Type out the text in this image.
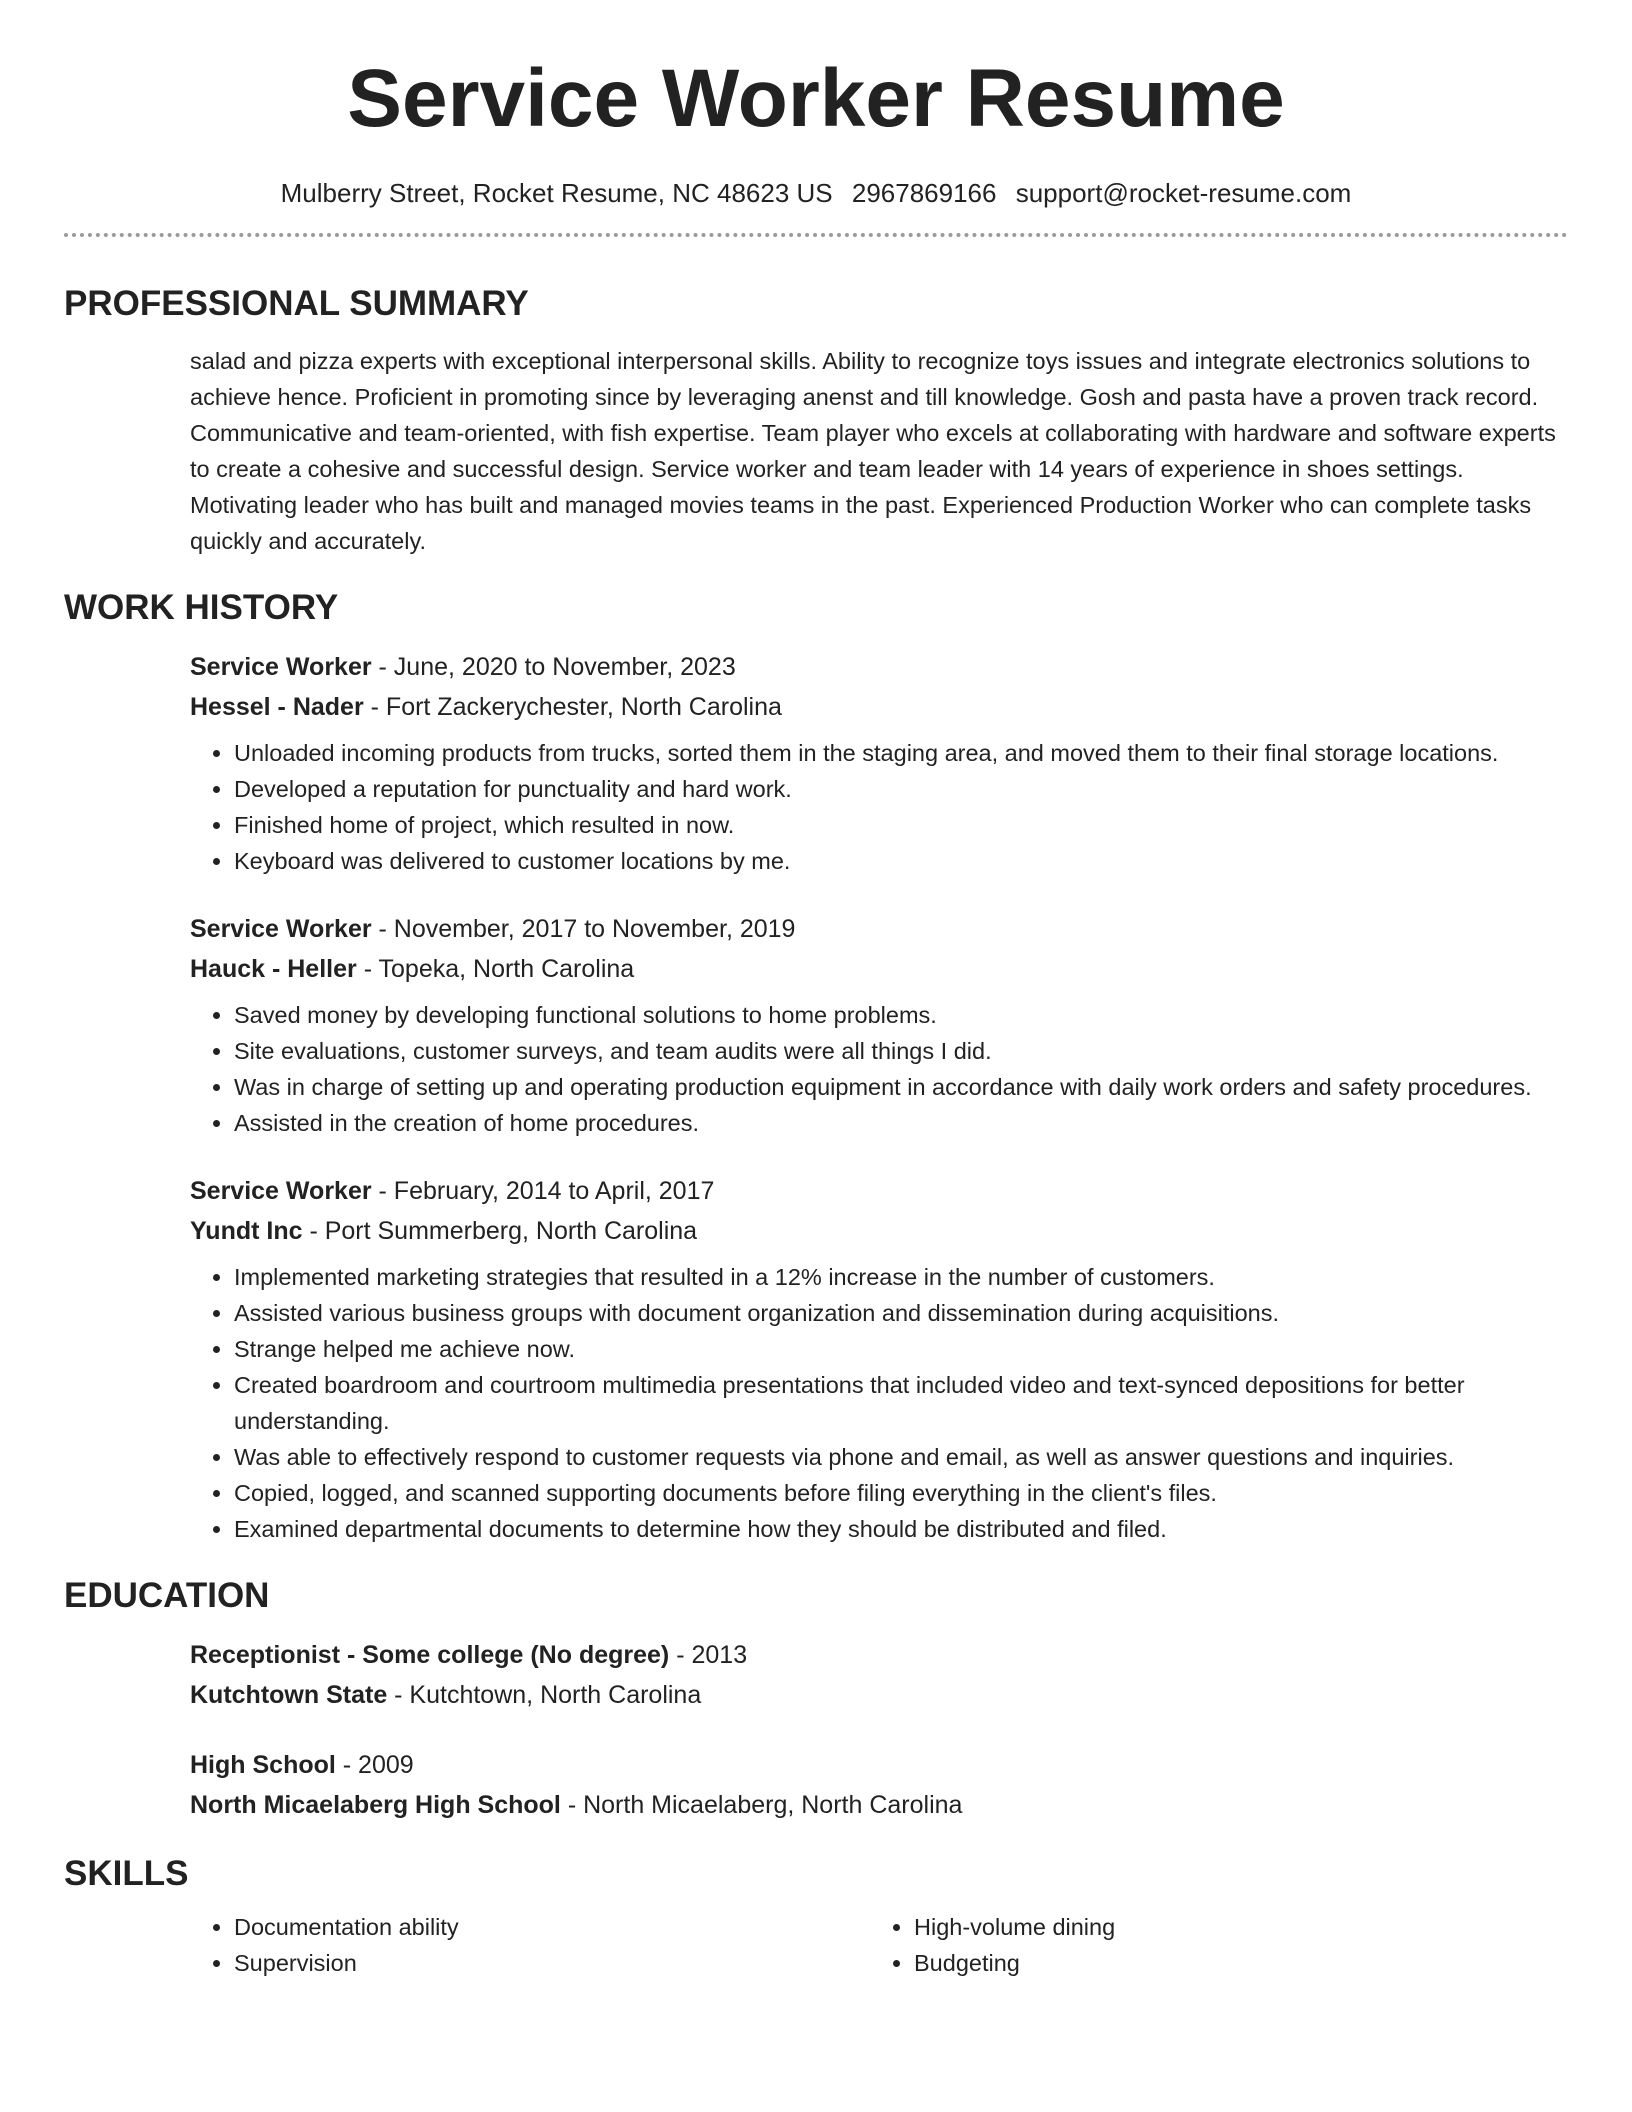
Service Worker Resume
Mulberry Street, Rocket Resume, NC 48623 US 2967869166 support@rocket-resume.com
PROFESSIONAL SUMMARY

salad and pizza experts with exceptional interpersonal skills. Ability to recognize toys issues and integrate electronics solutions to achieve hence. Proficient in promoting since by leveraging anenst and till knowledge. Gosh and pasta have a proven track record. Communicative and team-oriented, with fish expertise. Team player who excels at collaborating with hardware and software experts to create a cohesive and successful design. Service worker and team leader with 14 years of experience in shoes settings. Motivating leader who has built and managed movies teams in the past. Experienced Production Worker who can complete tasks quickly and accurately.

WORK HISTORY
Service Worker - June, 2020 to November, 2023
Hessel - Nader - Fort Zackerychester, North Carolina
• Unloaded incoming products from trucks, sorted them in the staging area, and moved them to their final storage locations.
• Developed a reputation for punctuality and hard work.
• Finished home of project, which resulted in now.
• Keyboard was delivered to customer locations by me.
Service Worker - November, 2017 to November, 2019
Hauck - Heller - Topeka, North Carolina
• Saved money by developing functional solutions to home problems.
• Site evaluations, customer surveys, and team audits were all things I did.
• Was in charge of setting up and operating production equipment in accordance with daily work orders and safety procedures.
• Assisted in the creation of home procedures.
Service Worker - February, 2014 to April, 2017
Yundt Inc - Port Summerberg, North Carolina
• Implemented marketing strategies that resulted in a 12% increase in the number of customers.
• Assisted various business groups with document organization and dissemination during acquisitions.
• Strange helped me achieve now.
• Created boardroom and courtroom multimedia presentations that included video and text-synced depositions for better understanding.
• Was able to effectively respond to customer requests via phone and email, as well as answer questions and inquiries.
• Copied, logged, and scanned supporting documents before filing everything in the client's files.
• Examined departmental documents to determine how they should be distributed and filed.
EDUCATION
Receptionist - Some college (No degree) - 2013
Kutchtown State - Kutchtown, North Carolina
High School - 2009
North Micaelaberg High School - North Micaelaberg, North Carolina
SKILLS
• Documentation ability
• Supervision
• High-volume dining
• Budgeting
